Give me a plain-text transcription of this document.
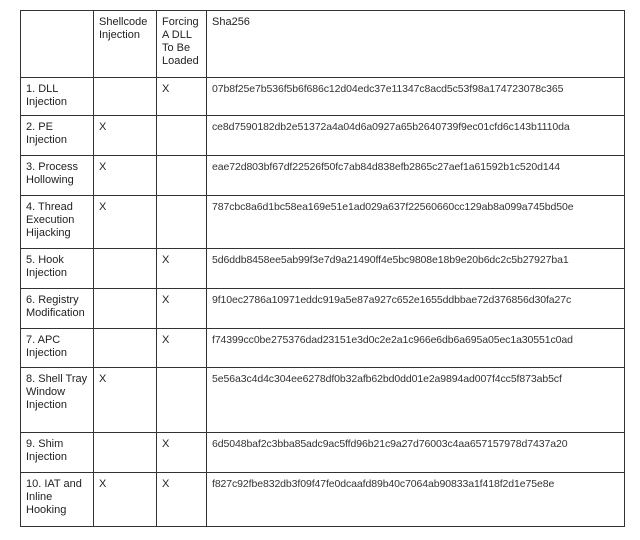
	Shellcode Injection	Forcing A DLL To Be Loaded	Sha256
1. DLL Injection		X	07b8f25e7b536f5b6f686c12d04edc37e11347c8acd5c53f98a174723078c365
2. PE Injection	X		ce8d7590182db2e51372a4a04d6a0927a65b2640739f9ec01cfd6c143b1110da
3. Process Hollowing	X		eae72d803bf67df22526f50fc7ab84d838efb2865c27aef1a61592b1c520d144
4. Thread Execution Hijacking	X		787cbc8a6d1bc58ea169e51e1ad029a637f22560660cc129ab8a099a745bd50e
5. Hook Injection		X	5d6ddb8458ee5ab99f3e7d9a21490ff4e5bc9808e18b9e20b6dc2c5b27927ba1
6. Registry Modification		X	9f10ec2786a10971eddc919a5e87a927c652e1655ddbbae72d376856d30fa27c
7. APC Injection		X	f74399cc0be275376dad23151e3d0c2e2a1c966e6db6a695a05ec1a30551c0ad
8. Shell Tray Window Injection	X		5e56a3c4d4c304ee6278df0b32afb62bd0dd01e2a9894ad007f4cc5f873ab5cf
9. Shim Injection		X	6d5048baf2c3bba85adc9ac5ffd96b21c9a27d76003c4aa657157978d7437a20
10. IAT and Inline Hooking	X	X	f827c92fbe832db3f09f47fe0dcaafd89b40c7064ab90833a1f418f2d1e75e8e
